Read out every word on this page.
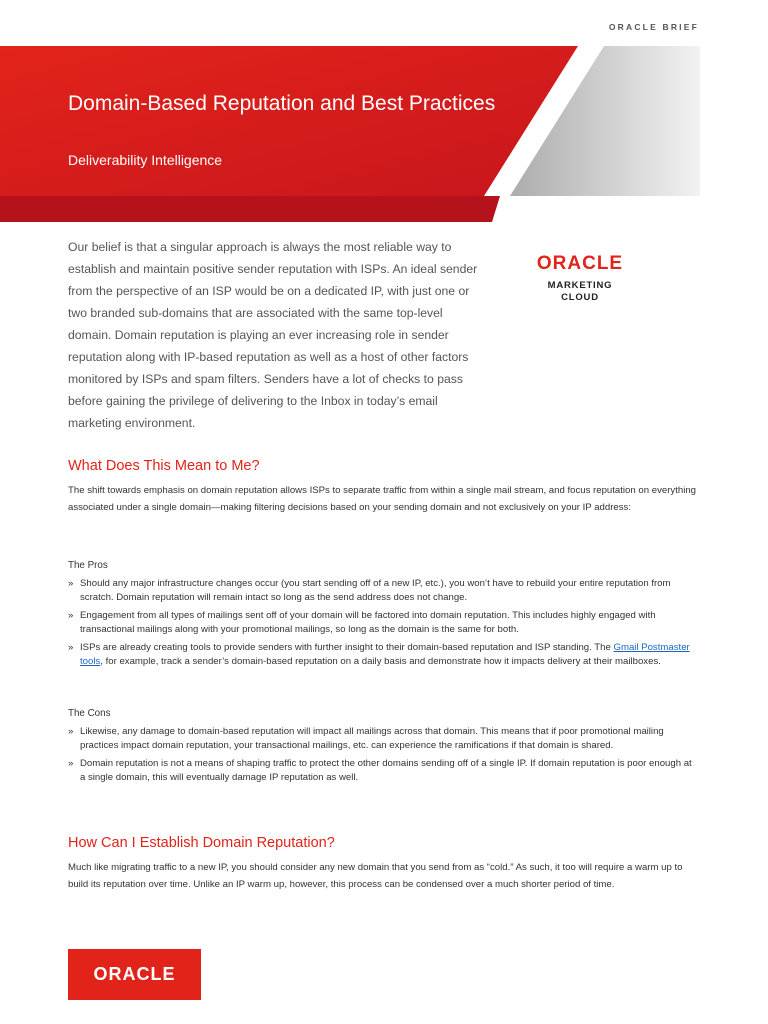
ORACLE BRIEF
Domain-Based Reputation and Best Practices
Deliverability Intelligence
Our belief is that a singular approach is always the most reliable way to establish and maintain positive sender reputation with ISPs. An ideal sender from the perspective of an ISP would be on a dedicated IP, with just one or two branded sub-domains that are associated with the same top-level domain. Domain reputation is playing an ever increasing role in sender reputation along with IP-based reputation as well as a host of other factors monitored by ISPs and spam filters. Senders have a lot of checks to pass before gaining the privilege of delivering to the Inbox in today’s email marketing environment.
ORACLE
MARKETING
CLOUD
What Does This Mean to Me?
The shift towards emphasis on domain reputation allows ISPs to separate traffic from within a single mail stream, and focus reputation on everything associated under a single domain—making filtering decisions based on your sending domain and not exclusively on your IP address:
The Pros
» Should any major infrastructure changes occur (you start sending off of a new IP, etc.), you won’t have to rebuild your entire reputation from scratch. Domain reputation will remain intact so long as the send address does not change.
» Engagement from all types of mailings sent off of your domain will be factored into domain reputation. This includes highly engaged with transactional mailings along with your promotional mailings, so long as the domain is the same for both.
» ISPs are already creating tools to provide senders with further insight to their domain-based reputation and ISP standing. The Gmail Postmaster tools, for example, track a sender’s domain-based reputation on a daily basis and demonstrate how it impacts delivery at their mailboxes.
The Cons
» Likewise, any damage to domain-based reputation will impact all mailings across that domain. This means that if poor promotional mailing practices impact domain reputation, your transactional mailings, etc. can experience the ramifications if that domain is shared.
» Domain reputation is not a means of shaping traffic to protect the other domains sending off of a single IP. If domain reputation is poor enough at a single domain, this will eventually damage IP reputation as well.
How Can I Establish Domain Reputation?
Much like migrating traffic to a new IP, you should consider any new domain that you send from as “cold.” As such, it too will require a warm up to build its reputation over time. Unlike an IP warm up, however, this process can be condensed over a much shorter period of time.
ORACLE
